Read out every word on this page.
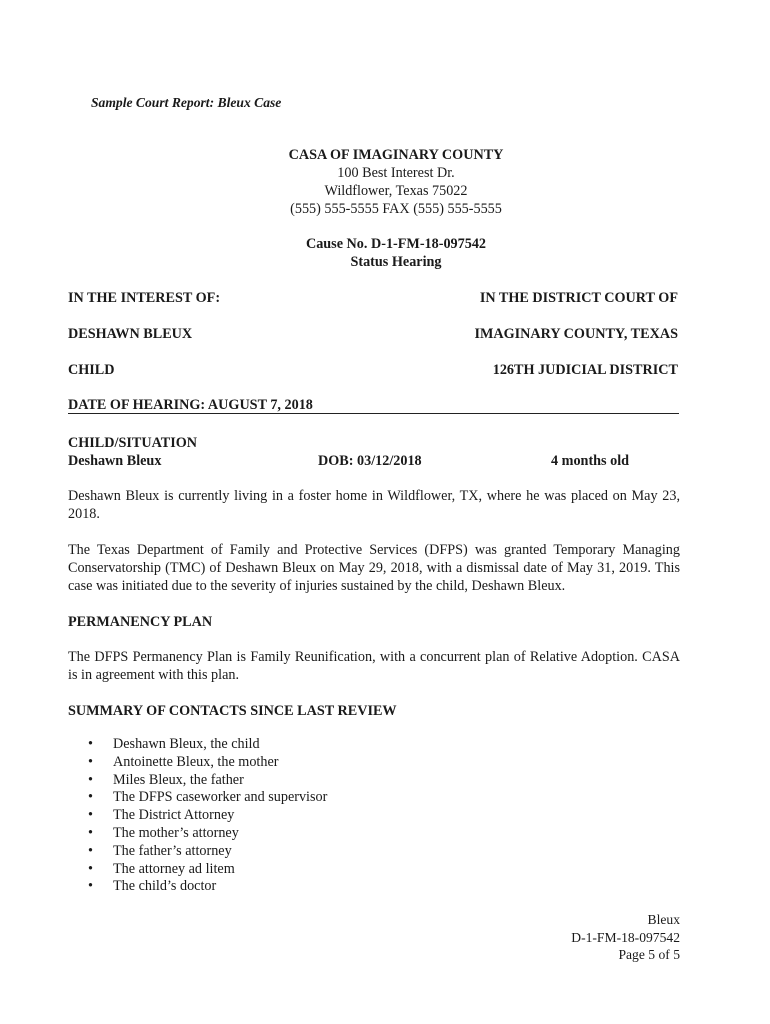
Sample Court Report: Bleux Case
CASA OF IMAGINARY COUNTY
100 Best Interest Dr.
Wildflower, Texas 75022
(555) 555-5555 FAX (555) 555-5555
Cause No. D-1-FM-18-097542
Status Hearing
IN THE INTEREST OF:	IN THE DISTRICT COURT OF
DESHAWN BLEUX	IMAGINARY COUNTY, TEXAS
CHILD	126TH JUDICIAL DISTRICT
DATE OF HEARING: AUGUST 7, 2018
CHILD/SITUATION
Deshawn Bleux	DOB: 03/12/2018	4 months old
Deshawn Bleux is currently living in a foster home in Wildflower, TX, where he was placed on May 23, 2018.
The Texas Department of Family and Protective Services (DFPS) was granted Temporary Managing Conservatorship (TMC) of Deshawn Bleux on May 29, 2018, with a dismissal date of May 31, 2019. This case was initiated due to the severity of injuries sustained by the child, Deshawn Bleux.
PERMANENCY PLAN
The DFPS Permanency Plan is Family Reunification, with a concurrent plan of Relative Adoption. CASA is in agreement with this plan.
SUMMARY OF CONTACTS SINCE LAST REVIEW
• Deshawn Bleux, the child
• Antoinette Bleux, the mother
• Miles Bleux, the father
• The DFPS caseworker and supervisor
• The District Attorney
• The mother’s attorney
• The father’s attorney
• The attorney ad litem
• The child’s doctor
Bleux
D-1-FM-18-097542
Page 5 of 5
